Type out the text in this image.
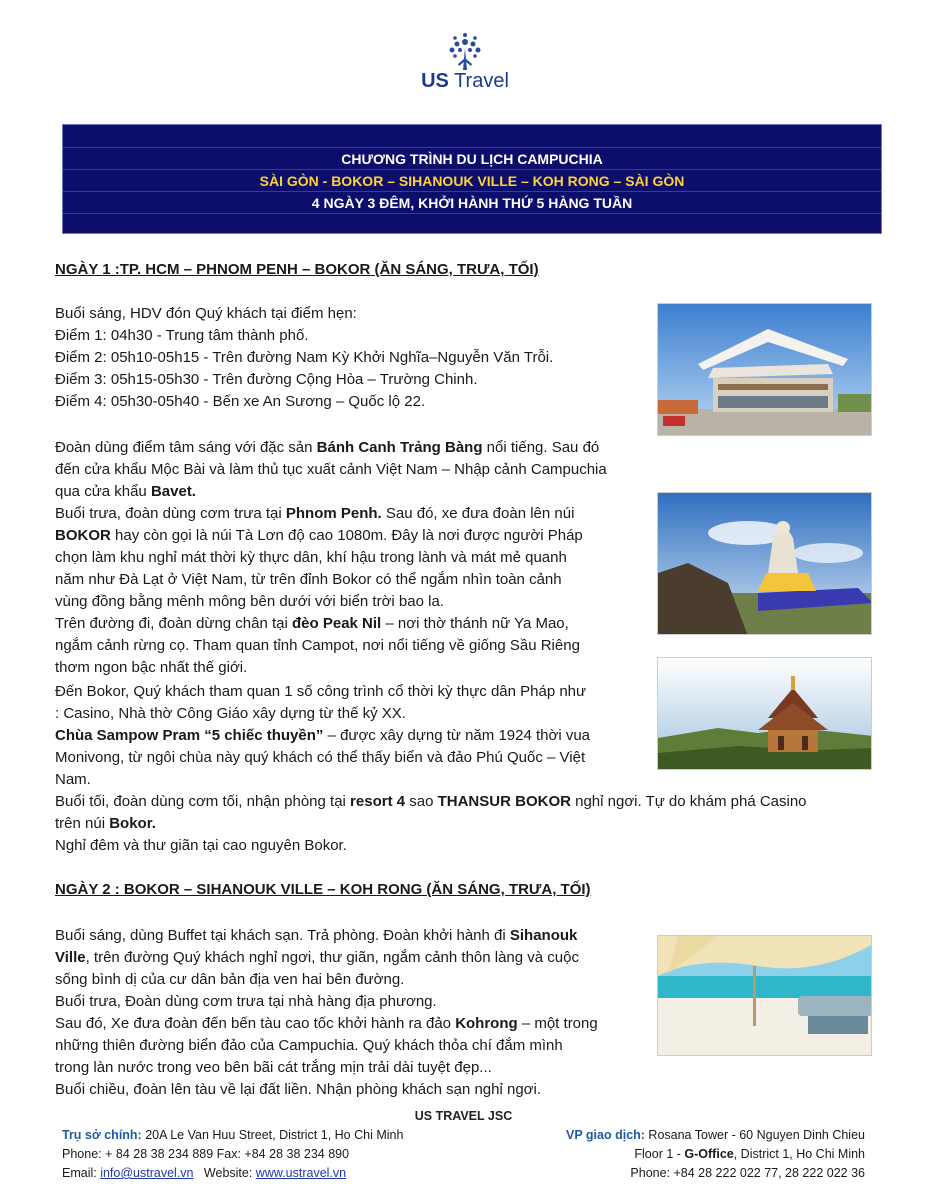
US Travel
CHƯƠNG TRÌNH DU LỊCH CAMPUCHIA
SÀI GÒN - BOKOR – SIHANOUK VILLE – KOH RONG – SÀI GÒN
4 NGÀY 3 ĐÊM, KHỞI HÀNH THỨ 5 HÀNG TUẦN
NGÀY 1 :TP. HCM – PHNOM PENH – BOKOR (ĂN SÁNG, TRƯA, TỐI)

Buổi sáng, HDV đón Quý khách tại điểm hẹn:

Điểm 1: 04h30 - Trung tâm thành phố.

Điểm 2: 05h10-05h15 - Trên đường Nam Kỳ Khởi Nghĩa–Nguyễn Văn Trỗi.

Điểm 3: 05h15-05h30 - Trên đường Cộng Hòa – Trường Chinh.

Điểm 4: 05h30-05h40 - Bến xe An Sương – Quốc lộ 22.

Đoàn dùng điểm tâm sáng với đặc sản Bánh Canh Trảng Bàng nổi tiếng. Sau đó

đến cửa khẩu Mộc Bài và làm thủ tục xuất cảnh Việt Nam – Nhập cảnh Campuchia

qua cửa khẩu Bavet.

Buổi trưa, đoàn dùng cơm trưa tại Phnom Penh. Sau đó, xe đưa đoàn lên núi

BOKOR hay còn gọi là núi Tà Lơn độ cao 1080m. Đây là nơi được người Pháp

chọn làm khu nghỉ mát thời kỳ thực dân, khí hậu trong lành và mát mẻ quanh

năm như Đà Lạt ở Việt Nam, từ trên đỉnh Bokor có thể ngắm nhìn toàn cảnh

vùng đồng bằng mênh mông bên dưới với biển trời bao la.

Trên đường đi, đoàn dừng chân tại đèo Peak Nil – nơi thờ thánh nữ Ya Mao,

ngắm cảnh rừng cọ. Tham quan tỉnh Campot, nơi nổi tiếng về giống Sầu Riêng

thơm ngon bậc nhất thế giới.

Đến Bokor, Quý khách tham quan 1 số công trình cổ thời kỳ thực dân Pháp như

: Casino, Nhà thờ Công Giáo xây dựng từ thế kỷ XX.

Chùa Sampow Pram “5 chiếc thuyền” – được xây dựng từ năm 1924 thời vua

Monivong, từ ngôi chùa này quý khách có thể thấy biển và đảo Phú Quốc – Việt

Nam.

Buổi tối, đoàn dùng cơm tối, nhận phòng tại resort 4 sao THANSUR BOKOR nghỉ ngơi. Tự do khám phá Casino

trên núi Bokor.

Nghỉ đêm và thư giãn tại cao nguyên Bokor.

NGÀY 2 : BOKOR – SIHANOUK VILLE – KOH RONG (ĂN SÁNG, TRƯA, TỐI)

Buổi sáng, dùng Buffet tại khách sạn. Trả phòng. Đoàn khởi hành đi Sihanouk

Ville, trên đường Quý khách nghỉ ngơi, thư giãn, ngắm cảnh thôn làng và cuộc

sống bình dị của cư dân bản địa ven hai bên đường.

Buổi trưa, Đoàn dùng cơm trưa tại nhà hàng địa phương.

Sau đó, Xe đưa đoàn đến bến tàu cao tốc khởi hành ra đảo Kohrong – một trong

những thiên đường biển đảo của Campuchia. Quý khách thỏa chí đắm mình

trong làn nước trong veo bên bãi cát trắng mịn trải dài tuyệt đẹp...

Buổi chiều, đoàn lên tàu về lại đất liền. Nhận phòng khách sạn nghỉ ngơi.

US TRAVEL JSC
Trụ sở chính: 20A Le Van Huu Street, District 1, Ho Chi Minh
Phone: + 84 28 38 234 889 Fax: +84 28 38 234 890
Email: info@ustravel.vn   Website: www.ustravel.vn
VP giao dịch: Rosana Tower - 60 Nguyen Dinh Chieu
Floor 1 - G-Office, District 1, Ho Chi Minh
Phone: +84 28 222 022 77, 28 222 022 36
